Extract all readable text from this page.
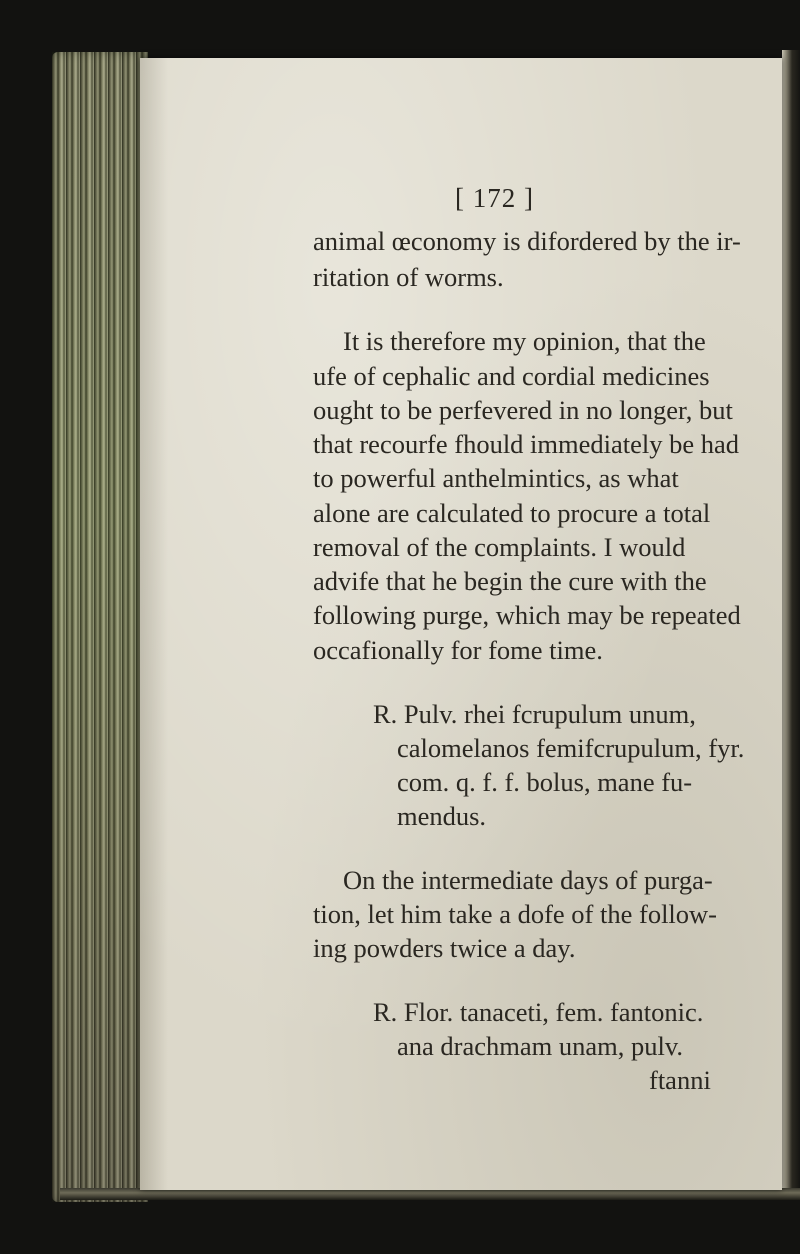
[ 172 ]
animal œconomy is difordered by the ir-
ritation of worms.
It is therefore my opinion, that the
ufe of cephalic and cordial medicines
ought to be perfevered in no longer, but
that recourfe fhould immediately be had
to powerful anthelmintics, as what
alone are calculated to procure a total
removal of the complaints. I would
advife that he begin the cure with the
following purge, which may be repeated
occafionally for fome time.
R. Pulv. rhei fcrupulum unum,
calomelanos femifcrupulum, fyr.
com. q. f. f. bolus, mane fu-
mendus.
On the intermediate days of purga-
tion, let him take a dofe of the follow-
ing powders twice a day.
R. Flor. tanaceti, fem. fantonic.
ana drachmam unam, pulv.
ftanni
